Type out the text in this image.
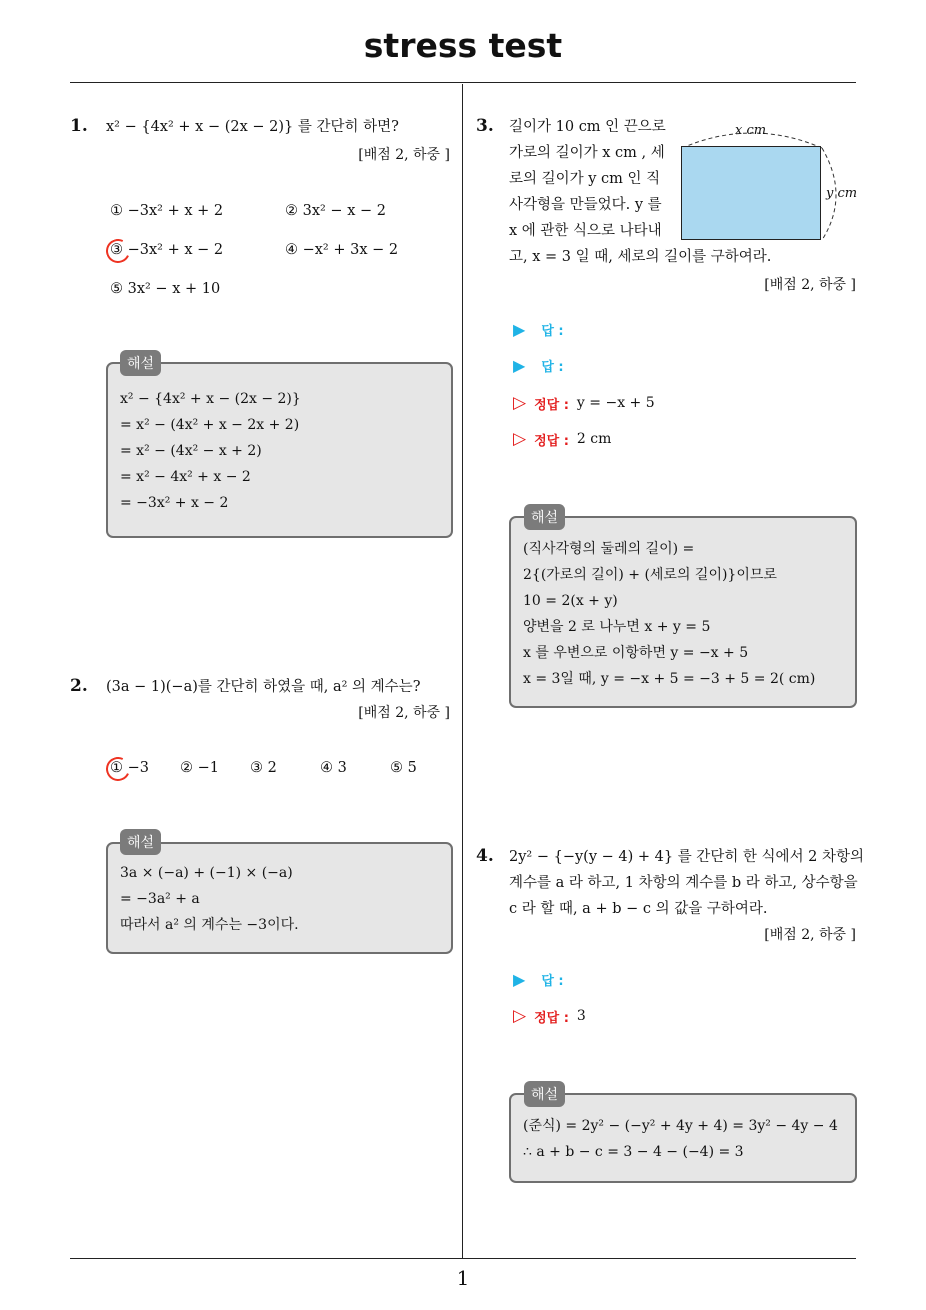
stress test
1
1. x² − {4x² + x − (2x − 2)} 를 간단히 하면?
[배점 2, 하중 ]
① −3x² + x + 2	② 3x² − x − 2
③ −3x² + x − 2	④ −x² + 3x − 2
⑤ 3x² − x + 10
x² − {4x² + x − (2x − 2)}
= x² − (4x² + x − 2x + 2)
= x² − (4x² − x + 2)
= x² − 4x² + x − 2
= −3x² + x − 2
해설
2. (3a − 1)(−a)를 간단히 하였을 때, a² 의 계수는?
[배점 2, 하중 ]
① −3 ② −1 ③ 2	④ 3	⑤ 5
3a × (−a) + (−1) × (−a)
= −3a² + a
따라서 a² 의 계수는 −3이다.
해설
3. 길이가 10 cm 인 끈으로
가로의 길이가 x cm , 세
로의 길이가 y cm 인 직
사각형을 만들었다. y 를
x 에 관한 식으로 나타내
고, x = 3 일 때, 세로의 길이를 구하여라.
x cm
y cm
[배점 2, 하중 ]
▶ 답 :
▶ 답 :
▷ 정답 : y = −x + 5
▷ 정답 : 2 cm
(직사각형의 둘레의 길이) =
2{(가로의 길이) + (세로의 길이)}이므로
10 = 2(x + y)
양변을 2 로 나누면 x + y = 5
x 를 우변으로 이항하면 y = −x + 5
x = 3일 때, y = −x + 5 = −3 + 5 = 2( cm)
해설
4. 2y² − {−y(y − 4) + 4} 를 간단히 한 식에서 2 차항의
계수를 a 라 하고, 1 차항의 계수를 b 라 하고, 상수항을
c 라 할 때, a + b − c 의 값을 구하여라.
[배점 2, 하중 ]
▶ 답 :
▷ 정답 : 3
(준식) = 2y² − (−y² + 4y + 4) = 3y² − 4y − 4
∴ a + b − c = 3 − 4 − (−4) = 3
해설
